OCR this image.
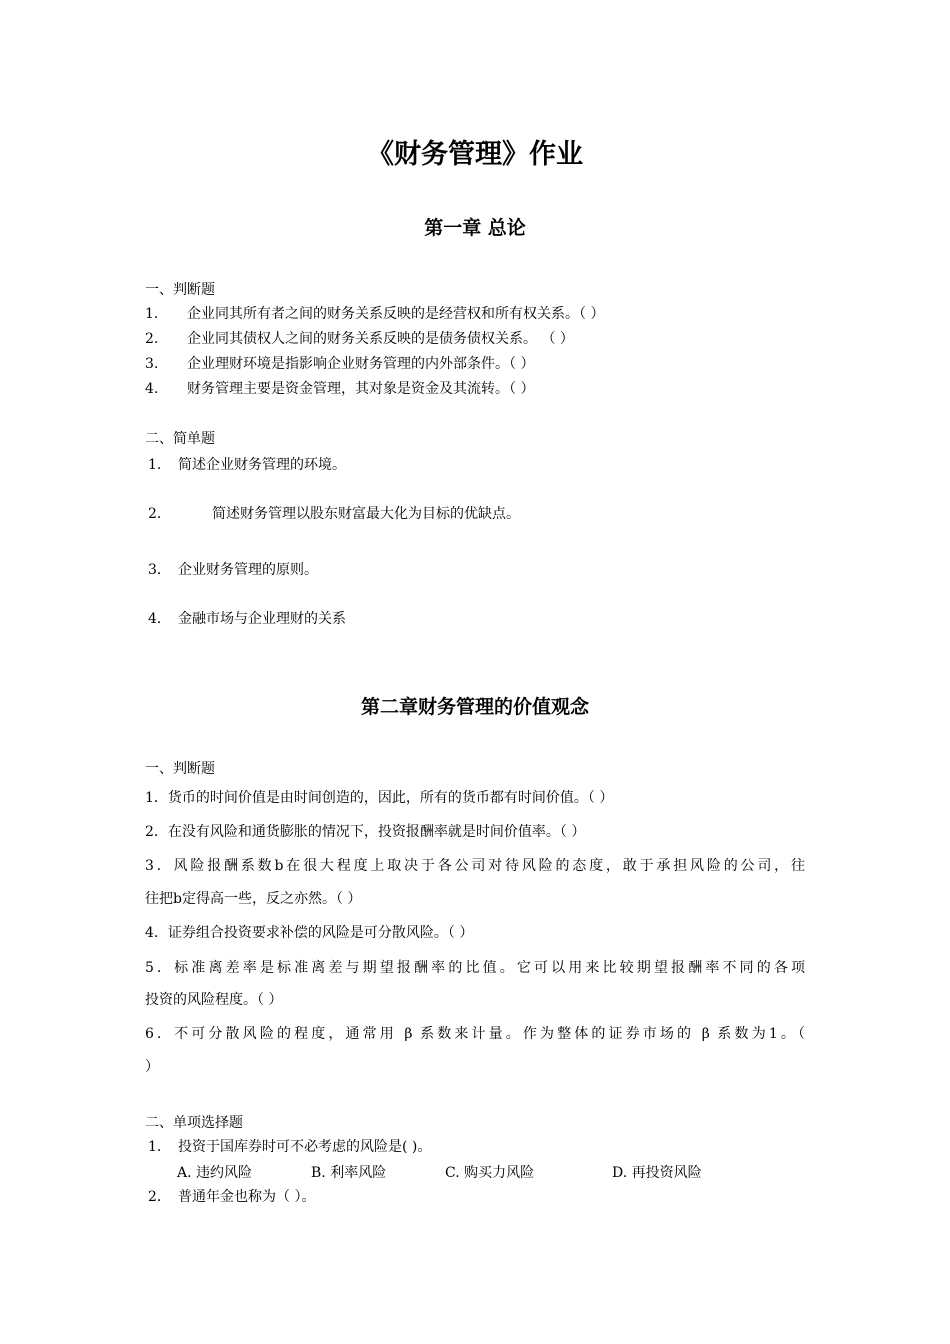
《财务管理》作业
第一章 总论
一、判断题
1. 企业同其所有者之间的财务关系反映的是经营权和所有权关系。（ ）
2. 企业同其债权人之间的财务关系反映的是债务债权关系。 （ ）
3. 企业理财环境是指影响企业财务管理的内外部条件。（ ）
4. 财务管理主要是资金管理，其对象是资金及其流转。（ ）
二、简单题
1． 简述企业财务管理的环境。
2．	简述财务管理以股东财富最大化为目标的优缺点。
3． 企业财务管理的原则。
4． 金融市场与企业理财的关系
第二章财务管理的价值观念
一、判断题
1．货币的时间价值是由时间创造的，因此，所有的货币都有时间价值。（ ）
2．在没有风险和通货膨胀的情况下，投资报酬率就是时间价值率。（ ）
3．风险报酬系数b在很大程度上取决于各公司对待风险的态度，敢于承担风险的公司，往
往把b定得高一些，反之亦然。（ ）
4．证券组合投资要求补偿的风险是可分散风险。（ ）
5．标准离差率是标准离差与期望报酬率的比值。它可以用来比较期望报酬率不同的各项
投资的风险程度。（ ）
6．不可分散风险的程度，通常用 β 系数来计量。作为整体的证券市场的 β 系数为1。（
）
二、单项选择题
1． 投资于国库券时可不必考虑的风险是( )。
A. 违约风险	B. 利率风险	C. 购买力风险	D. 再投资风险
2． 普通年金也称为（ ）。
